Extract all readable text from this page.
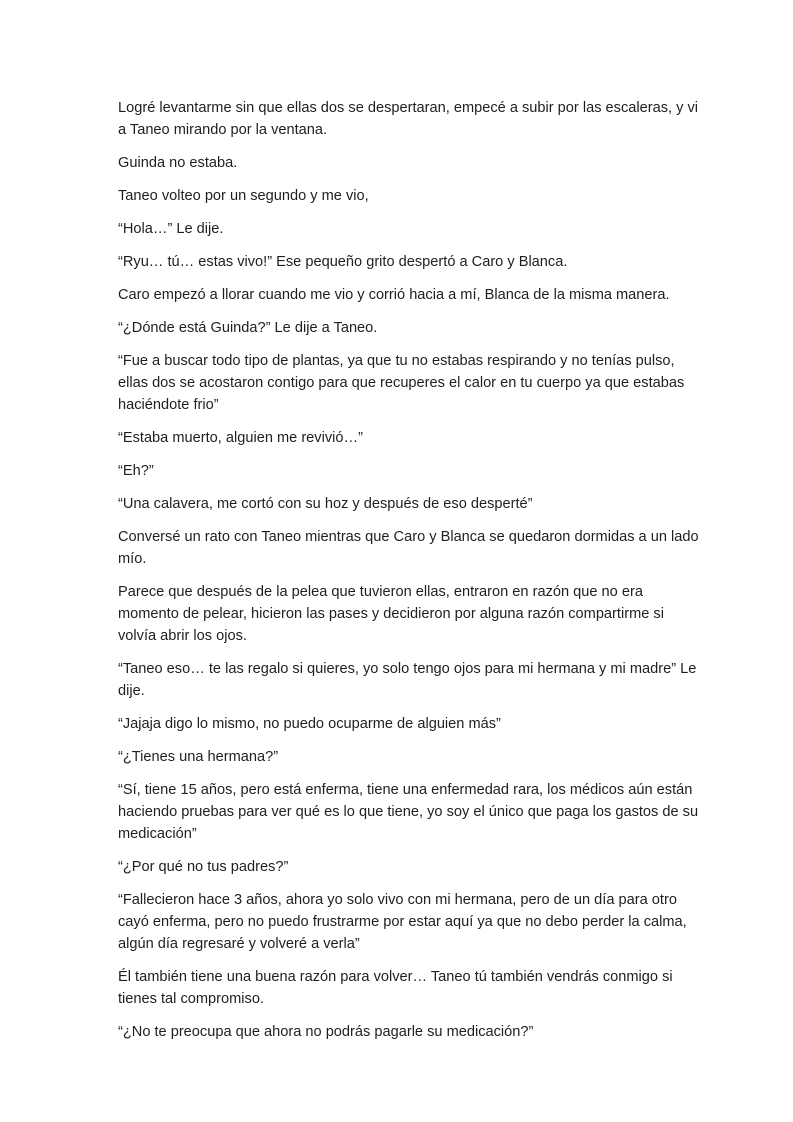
Logré levantarme sin que ellas dos se despertaran, empecé a subir por las escaleras, y vi a Taneo mirando por la ventana.

Guinda no estaba.

Taneo volteo por un segundo y me vio,

“Hola…” Le dije.

“Ryu… tú… estas vivo!” Ese pequeño grito despertó a Caro y Blanca.

Caro empezó a llorar cuando me vio y corrió hacia a mí, Blanca de la misma manera.

“¿Dónde está Guinda?” Le dije a Taneo.

“Fue a buscar todo tipo de plantas, ya que tu no estabas respirando y no tenías pulso, ellas dos se acostaron contigo para que recuperes el calor en tu cuerpo ya que estabas haciéndote frio”

“Estaba muerto, alguien me revivió…”

“Eh?”

“Una calavera, me cortó con su hoz y después de eso desperté”

Conversé un rato con Taneo mientras que Caro y Blanca se quedaron dormidas a un lado mío.

Parece que después de la pelea que tuvieron ellas, entraron en razón que no era momento de pelear, hicieron las pases y decidieron por alguna razón compartirme si volvía abrir los ojos.

“Taneo eso… te las regalo si quieres, yo solo tengo ojos para mi hermana y mi madre” Le dije.

“Jajaja digo lo mismo, no puedo ocuparme de alguien más”

“¿Tienes una hermana?”

“Sí, tiene 15 años, pero está enferma, tiene una enfermedad rara, los médicos aún están haciendo pruebas para ver qué es lo que tiene, yo soy el único que paga los gastos de su medicación”

“¿Por qué no tus padres?”

“Fallecieron hace 3 años, ahora yo solo vivo con mi hermana, pero de un día para otro cayó enferma, pero no puedo frustrarme por estar aquí ya que no debo perder la calma, algún día regresaré y volveré a verla”

Él también tiene una buena razón para volver… Taneo tú también vendrás conmigo si tienes tal compromiso.

“¿No te preocupa que ahora no podrás pagarle su medicación?”
